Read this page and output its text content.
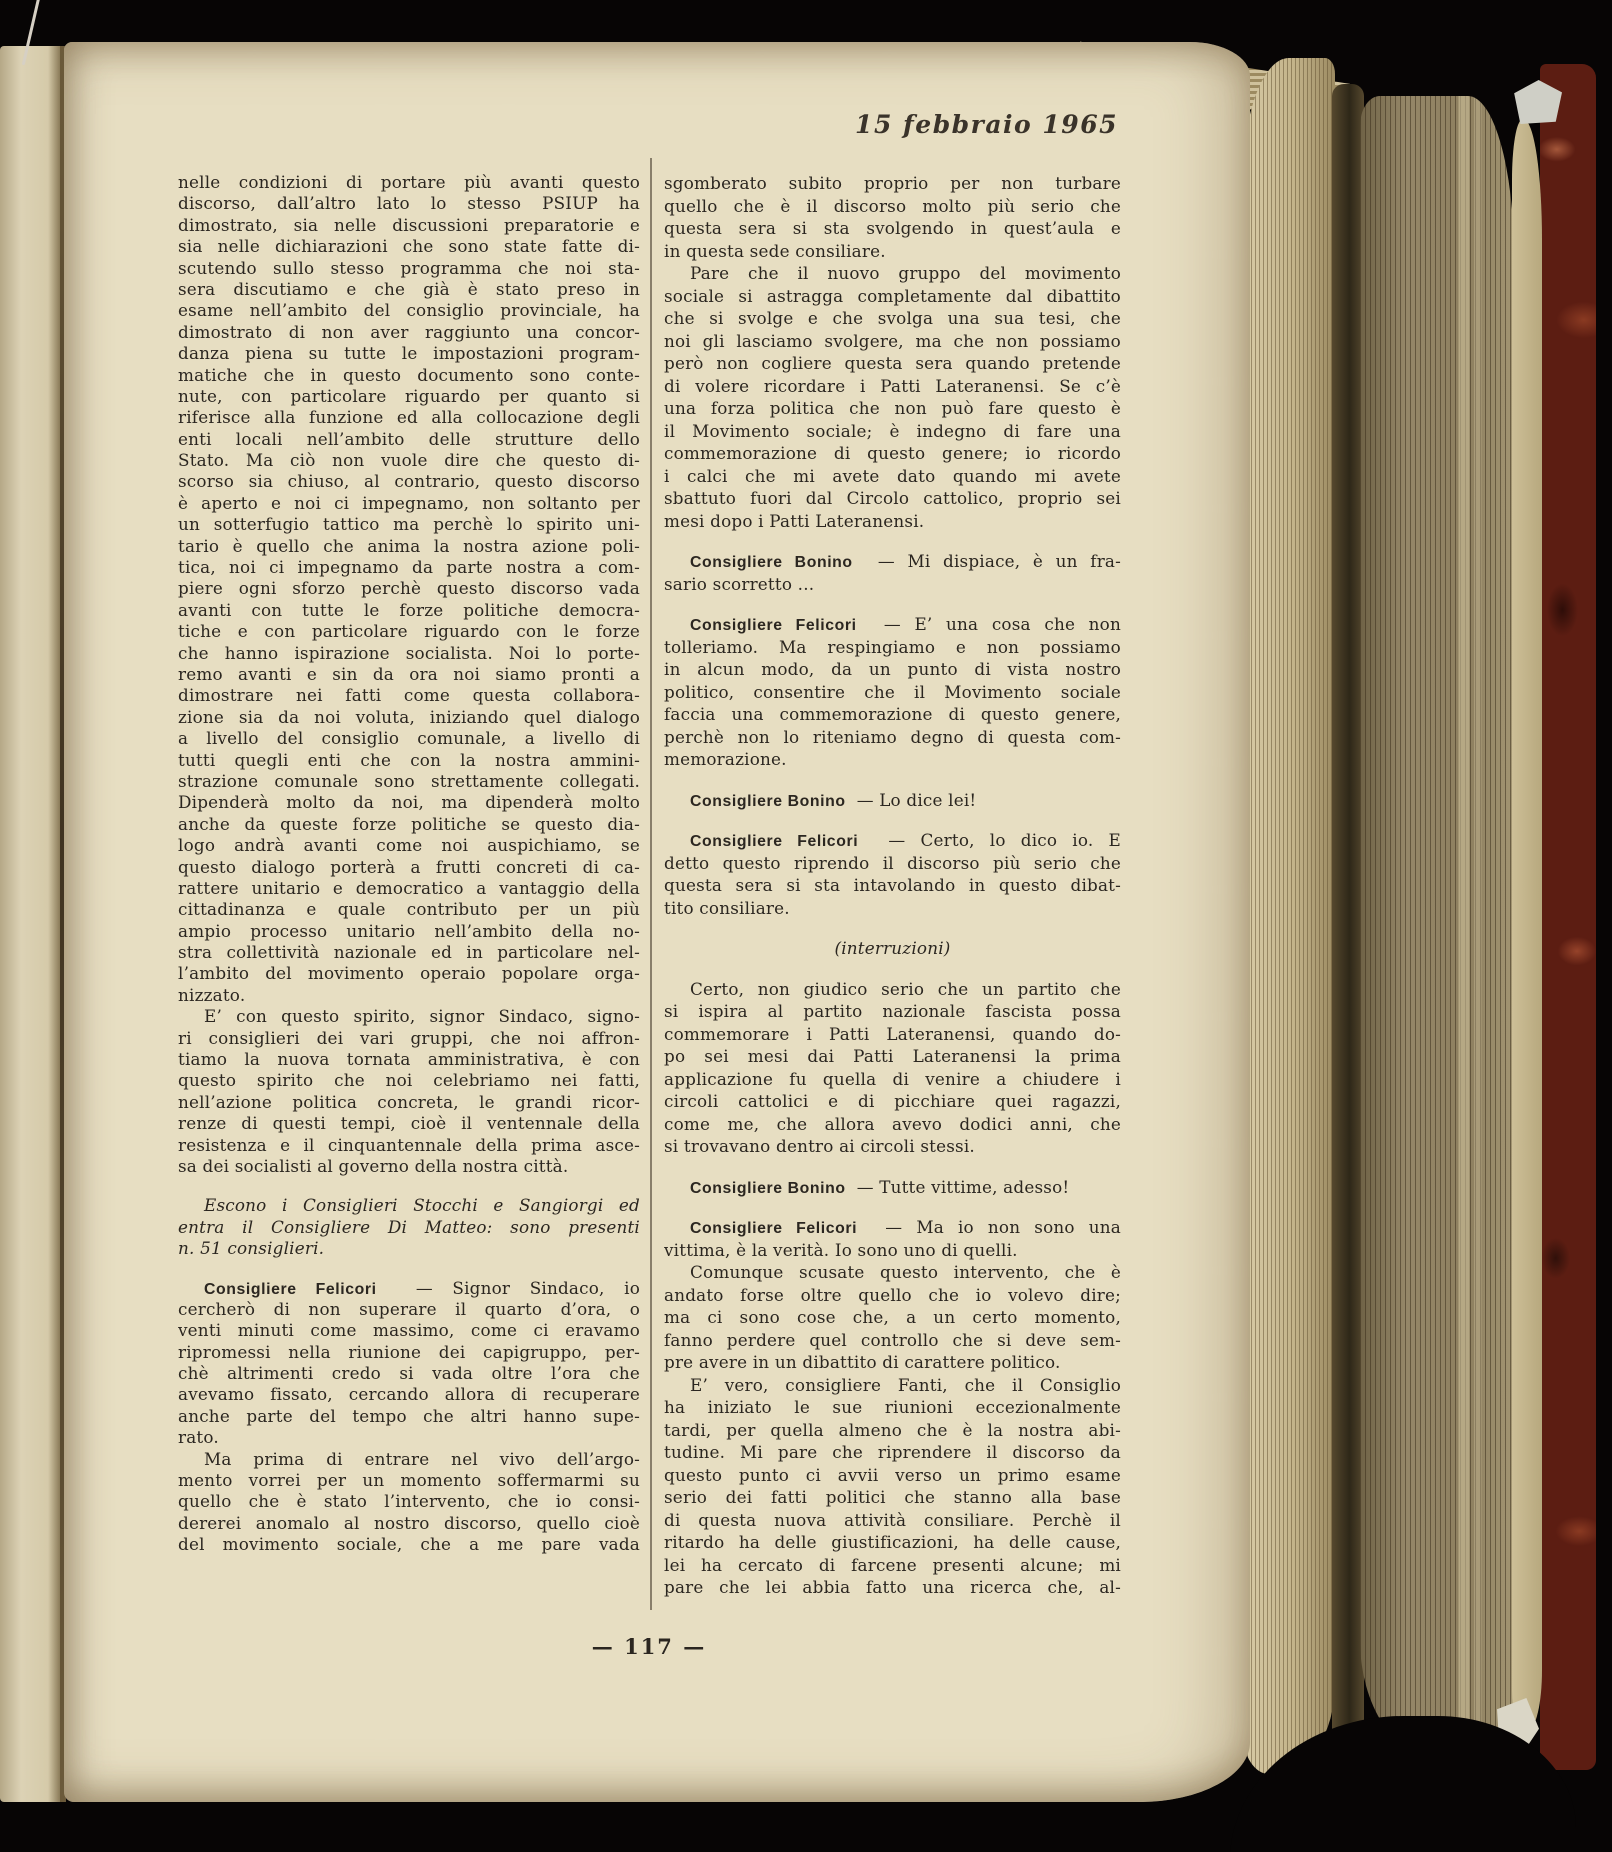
15 febbraio 1965
nelle condizioni di portare più avanti questo
discorso, dall’altro lato lo stesso PSIUP ha
dimostrato, sia nelle discussioni preparatorie e
sia nelle dichiarazioni che sono state fatte di-
scutendo sullo stesso programma che noi sta-
sera discutiamo e che già è stato preso in
esame nell’ambito del consiglio provinciale, ha
dimostrato di non aver raggiunto una concor-
danza piena su tutte le impostazioni program-
matiche che in questo documento sono conte-
nute, con particolare riguardo per quanto si
riferisce alla funzione ed alla collocazione degli
enti locali nell’ambito delle strutture dello
Stato. Ma ciò non vuole dire che questo di-
scorso sia chiuso, al contrario, questo discorso
è aperto e noi ci impegnamo, non soltanto per
un sotterfugio tattico ma perchè lo spirito uni-
tario è quello che anima la nostra azione poli-
tica, noi ci impegnamo da parte nostra a com-
piere ogni sforzo perchè questo discorso vada
avanti con tutte le forze politiche democra-
tiche e con particolare riguardo con le forze
che hanno ispirazione socialista. Noi lo porte-
remo avanti e sin da ora noi siamo pronti a
dimostrare nei fatti come questa collabora-
zione sia da noi voluta, iniziando quel dialogo
a livello del consiglio comunale, a livello di
tutti quegli enti che con la nostra ammini-
strazione comunale sono strettamente collegati.
Dipenderà molto da noi, ma dipenderà molto
anche da queste forze politiche se questo dia-
logo andrà avanti come noi auspichiamo, se
questo dialogo porterà a frutti concreti di ca-
rattere unitario e democratico a vantaggio della
cittadinanza e quale contributo per un più
ampio processo unitario nell’ambito della no-
stra collettività nazionale ed in particolare nel-
l’ambito del movimento operaio popolare orga-
nizzato.
E’ con questo spirito, signor Sindaco, signo-
ri consiglieri dei vari gruppi, che noi affron-
tiamo la nuova tornata amministrativa, è con
questo spirito che noi celebriamo nei fatti,
nell’azione politica concreta, le grandi ricor-
renze di questi tempi, cioè il ventennale della
resistenza e il cinquantennale della prima asce-
sa dei socialisti al governo della nostra città.
Escono i Consiglieri Stocchi e Sangiorgi ed
entra il Consigliere Di Matteo: sono presenti
n. 51 consiglieri.
Consigliere Felicori  — Signor Sindaco, io
cercherò di non superare il quarto d’ora, o
venti minuti come massimo, come ci eravamo
ripromessi nella riunione dei capigruppo, per-
chè altrimenti credo si vada oltre l’ora che
avevamo fissato, cercando allora di recuperare
anche parte del tempo che altri hanno supe-
rato.
Ma prima di entrare nel vivo dell’argo-
mento vorrei per un momento soffermarmi su
quello che è stato l’intervento, che io consi-
dererei anomalo al nostro discorso, quello cioè
del movimento sociale, che a me pare vada
sgomberato subito proprio per non turbare
quello che è il discorso molto più serio che
questa sera si sta svolgendo in quest’aula e
in questa sede consiliare.
Pare che il nuovo gruppo del movimento
sociale si astragga completamente dal dibattito
che si svolge e che svolga una sua tesi, che
noi gli lasciamo svolgere, ma che non possiamo
però non cogliere questa sera quando pretende
di volere ricordare i Patti Lateranensi. Se c’è
una forza politica che non può fare questo è
il Movimento sociale; è indegno di fare una
commemorazione di questo genere; io ricordo
i calci che mi avete dato quando mi avete
sbattuto fuori dal Circolo cattolico, proprio sei
mesi dopo i Patti Lateranensi.
Consigliere Bonino  — Mi dispiace, è un fra-
sario scorretto ...
Consigliere Felicori  — E’ una cosa che non
tolleriamo. Ma respingiamo e non possiamo
in alcun modo, da un punto di vista nostro
politico, consentire che il Movimento sociale
faccia una commemorazione di questo genere,
perchè non lo riteniamo degno di questa com-
memorazione.
Consigliere Bonino  — Lo dice lei!
Consigliere Felicori  — Certo, lo dico io. E
detto questo riprendo il discorso più serio che
questa sera si sta intavolando in questo dibat-
tito consiliare.
(interruzioni)
Certo, non giudico serio che un partito che
si ispira al partito nazionale fascista possa
commemorare i Patti Lateranensi, quando do-
po sei mesi dai Patti Lateranensi la prima
applicazione fu quella di venire a chiudere i
circoli cattolici e di picchiare quei ragazzi,
come me, che allora avevo dodici anni, che
si trovavano dentro ai circoli stessi.
Consigliere Bonino  — Tutte vittime, adesso!
Consigliere Felicori  — Ma io non sono una
vittima, è la verità. Io sono uno di quelli.
Comunque scusate questo intervento, che è
andato forse oltre quello che io volevo dire;
ma ci sono cose che, a un certo momento,
fanno perdere quel controllo che si deve sem-
pre avere in un dibattito di carattere politico.
E’ vero, consigliere Fanti, che il Consiglio
ha iniziato le sue riunioni eccezionalmente
tardi, per quella almeno che è la nostra abi-
tudine. Mi pare che riprendere il discorso da
questo punto ci avvii verso un primo esame
serio dei fatti politici che stanno alla base
di questa nuova attività consiliare. Perchè il
ritardo ha delle giustificazioni, ha delle cause,
lei ha cercato di farcene presenti alcune; mi
pare che lei abbia fatto una ricerca che, al-
— 117 —
